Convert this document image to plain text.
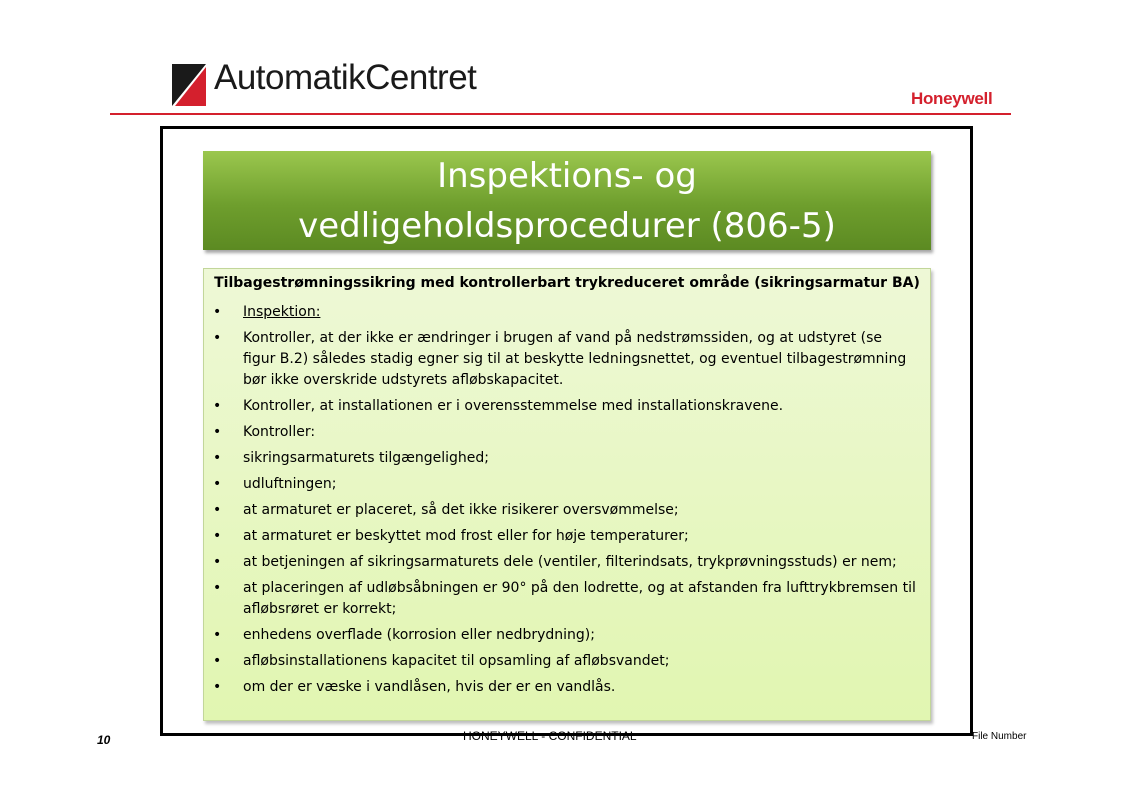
AutomatikCentret
Honeywell
Inspektions- og
vedligeholdsprocedurer (806-5)
Tilbagestrømningssikring med kontrollerbart trykreduceret område (sikringsarmatur BA)
• Inspektion:
• Kontroller, at der ikke er ændringer i brugen af vand på nedstrømssiden, og at udstyret (se figur B.2) således stadig egner sig til at beskytte ledningsnettet, og eventuel tilbagestrømning bør ikke overskride udstyrets afløbskapacitet.
• Kontroller, at installationen er i overensstemmelse med installationskravene.
• Kontroller:
• sikringsarmaturets tilgængelighed;
• udluftningen;
• at armaturet er placeret, så det ikke risikerer oversvømmelse;
• at armaturet er beskyttet mod frost eller for høje temperaturer;
• at betjeningen af sikringsarmaturets dele (ventiler, filterindsats, trykprøvningsstuds) er nem;
• at placeringen af udløbsåbningen er 90° på den lodrette, og at afstanden fra lufttrykbremsen til afløbsrøret er korrekt;
• enhedens overflade (korrosion eller nedbrydning);
• afløbsinstallationens kapacitet til opsamling af afløbsvandet;
• om der er væske i vandlåsen, hvis der er en vandlås.
10	HONEYWELL - CONFIDENTIAL	File Number
